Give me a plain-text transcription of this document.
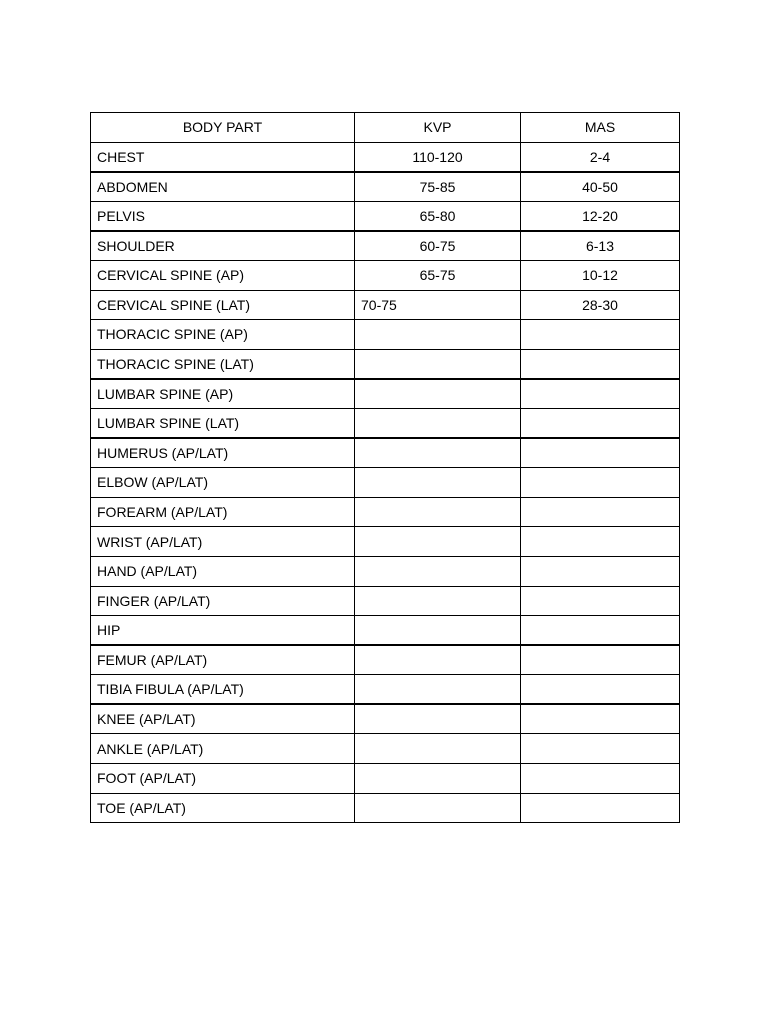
BODY PART	KVP	MAS
CHEST	110-120	2-4
ABDOMEN	75-85	40-50
PELVIS	65-80	12-20
SHOULDER	60-75	6-13
CERVICAL SPINE (AP)	65-75	10-12
CERVICAL SPINE (LAT)	70-75	28-30
THORACIC SPINE (AP)		
THORACIC SPINE (LAT)		
LUMBAR SPINE (AP)		
LUMBAR SPINE (LAT)		
HUMERUS (AP/LAT)		
ELBOW (AP/LAT)		
FOREARM (AP/LAT)		
WRIST (AP/LAT)		
HAND (AP/LAT)		
FINGER (AP/LAT)		
HIP		
FEMUR (AP/LAT)		
TIBIA FIBULA (AP/LAT)		
KNEE (AP/LAT)		
ANKLE (AP/LAT)		
FOOT (AP/LAT)		
TOE (AP/LAT)		
